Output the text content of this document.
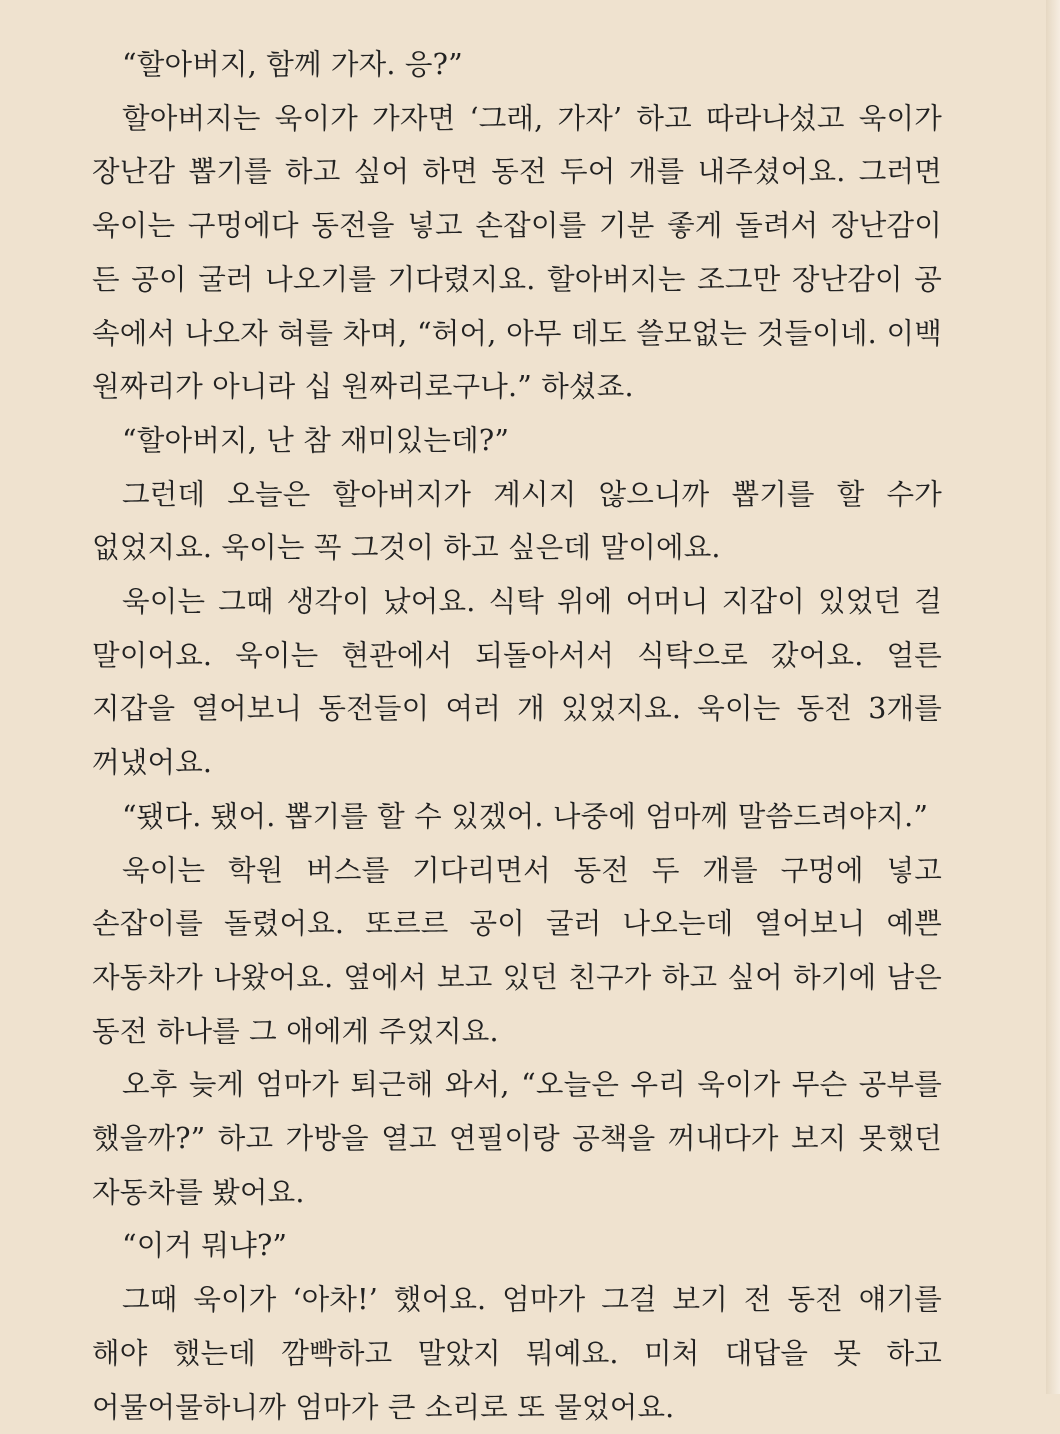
“할아버지, 함께 가자. 응?”

할아버지는 욱이가 가자면 ‘그래, 가자’ 하고 따라나섰고 욱이가 장난감 뽑기를 하고 싶어 하면 동전 두어 개를 내주셨어요. 그러면 욱이는 구멍에다 동전을 넣고 손잡이를 기분 좋게 돌려서 장난감이 든 공이 굴러 나오기를 기다렸지요. 할아버지는 조그만 장난감이 공 속에서 나오자 혀를 차며, “허어, 아무 데도 쓸모없는 것들이네. 이백 원짜리가 아니라 십 원짜리로구나.” 하셨죠.

“할아버지, 난 참 재미있는데?”

그런데 오늘은 할아버지가 계시지 않으니까 뽑기를 할 수가 없었지요. 욱이는 꼭 그것이 하고 싶은데 말이에요.

욱이는 그때 생각이 났어요. 식탁 위에 어머니 지갑이 있었던 걸 말이어요. 욱이는 현관에서 되돌아서서 식탁으로 갔어요. 얼른 지갑을 열어보니 동전들이 여러 개 있었지요. 욱이는 동전 3개를 꺼냈어요.

“됐다. 됐어. 뽑기를 할 수 있겠어. 나중에 엄마께 말씀드려야지.”

욱이는 학원 버스를 기다리면서 동전 두 개를 구멍에 넣고 손잡이를 돌렸어요. 또르르 공이 굴러 나오는데 열어보니 예쁜 자동차가 나왔어요. 옆에서 보고 있던 친구가 하고 싶어 하기에 남은 동전 하나를 그 애에게 주었지요.

오후 늦게 엄마가 퇴근해 와서, “오늘은 우리 욱이가 무슨 공부를 했을까?” 하고 가방을 열고 연필이랑 공책을 꺼내다가 보지 못했던 자동차를 봤어요.

“이거 뭐냐?”

그때 욱이가 ‘아차!’ 했어요. 엄마가 그걸 보기 전 동전 얘기를 해야 했는데 깜빡하고 말았지 뭐예요. 미처 대답을 못 하고 어물어물하니까 엄마가 큰 소리로 또 물었어요.
